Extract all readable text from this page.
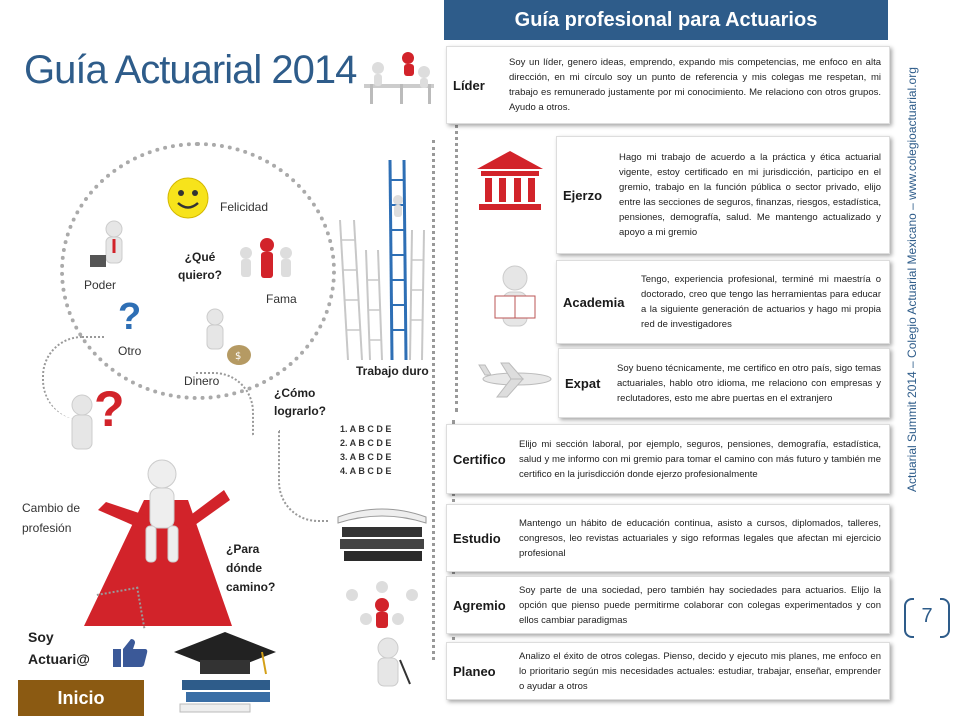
Guía profesional para Actuarios
Actuarial Summit 2014 – Colegio Actuarial Mexicano – www.colegioactuarial.org
7
Guía Actuarial 2014	Líder
Soy un líder, genero ideas, emprendo, expando mis competencias, me enfoco en alta dirección, en mi círculo soy un punto de referencia y mis colegas me respetan, mi trabajo es remunerado justamente por mi conocimiento. Me relaciono con otros grupos. Ayudo a otros.
Ejerzo
Hago mi trabajo de acuerdo a la práctica y ética actuarial vigente, estoy certificado en mi jurisdicción, participo en el gremio, trabajo en la función pública o sector privado, elijo entre las secciones de seguros, finanzas, riesgos, estadística, pensiones, demografía, salud. Me mantengo actualizado y apoyo a mi gremio
Academia
Tengo, experiencia profesional, terminé mi maestría o doctorado, creo que tengo las herramientas para educar a la siguiente generación de actuarios y hago mi propia red de investigadores
Expat
Soy bueno técnicamente, me certifico en otro país, sigo temas actuariales, hablo otro idioma, me relaciono con empresas y reclutadores, esto me abre puertas en el extranjero
Certifico
Elijo mi sección laboral, por ejemplo, seguros, pensiones, demografía, estadística, salud y me informo con mi gremio para tomar el camino con más futuro y también me certifico en la jurisdicción donde ejerzo profesionalmente
Estudio
Mantengo un hábito de educación continua, asisto a cursos, diplomados, talleres, congresos, leo revistas actuariales y sigo reformas legales que afectan mi ejercicio profesional
Agremio
Soy parte de una sociedad, pero también hay sociedades para actuarios. Elijo la opción que pienso puede permitirme colaborar con colegas experimentados y con ellos cambiar paradigmas
Planeo
Analizo el éxito de otros colegas. Pienso, decido y ejecuto mis planes, me enfoco en lo prioritario según mis necesidades actuales: estudiar, trabajar, enseñar, emprender o ayudar a otros
Trabajo duro
Felicidad
¿Qué quiero?
Poder
Fama
?
Otro	$
Dinero
?
Cambio de profesión
¿Cómo lograrlo?
¿Para dónde camino?
1. A B C D E
2. A B C D E
3. A B C D E
4. A B C D E
Soy Actuari@
Inicio
